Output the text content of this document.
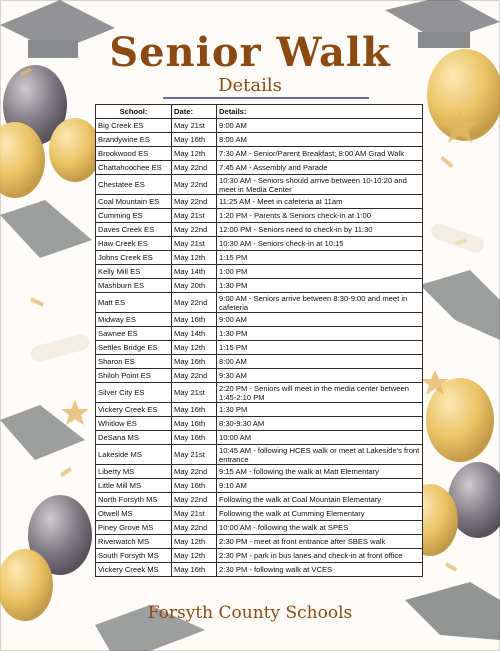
Senior Walk
Details
School:	Date:	Details:
Big Creek ES	May 21st	9:00 AM
Brandywine ES	May 16th	8:00 AM
Brookwood ES	May 12th	7:30 AM - Senior/Parent Breakfast; 8:00 AM Grad Walk
Chattahoochee ES	May 22nd	7:45 AM - Assembly and Parade
Chestatee ES	May 22nd	10:30 AM - Seniors should arrive between 10-10:20 and meet in Media Center
Coal Mountain ES	May 22nd	11:25 AM - Meet in cafeteria at 11am
Cumming ES	May 21st	1:20 PM - Parents & Seniors check-in at 1:00
Daves Creek ES	May 22nd	12:00 PM - Seniors need to check-in by 11:30
Haw Creek ES	May 21st	10:30 AM - Seniors check-in at 10:15
Johns Creek ES	May 12th	1:15 PM
Kelly Mill ES	May 14th	1:00 PM
Mashburn ES	May 20th	1:30 PM
Matt ES	May 22nd	9:00 AM - Seniors arrive between 8:30-9:00 and meet in cafeteria
Midway ES	May 16th	9:00 AM
Sawnee ES	May 14th	1:30 PM
Settles Bridge ES	May 12th	1:15 PM
Sharon ES	May 16th	8:00 AM
Shiloh Point ES	May 22nd	9:30 AM
Silver City ES	May 21st	2:20 PM - Seniors will meet in the media center between 1:45-2:10 PM
Vickery Creek ES	May 16th	1:30 PM
Whitlow ES	May 16th	8:30-9:30 AM
DeSana MS	May 16th	10:00 AM
Lakeside MS	May 21st	10:45 AM - following HCES walk or meet at Lakeside's front entrance
Liberty MS	May 22nd	9:15 AM - following the walk at Matt Elementary
Little Mill MS	May 16th	9:10 AM
North Forsyth MS	May 22nd	Following the walk at Coal Mountain Elementary
Otwell MS	May 21st	Following the walk at Cumming Elementary
Piney Grove MS	May 22nd	10:00 AM - following the walk at SPES
Riverwatch MS	May 12th	2:30 PM - meet at front entrance after SBES walk
South Forsyth MS	May 12th	2:30 PM - park in bus lanes and check-in at front office
Vickery Creek MS	May 16th	2:30 PM - following walk at VCES
Forsyth County Schools
